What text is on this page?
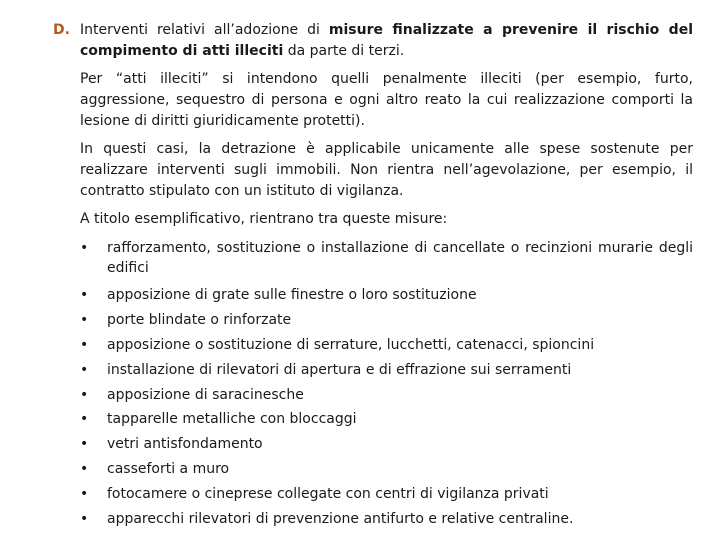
D. Interventi relativi all’adozione di misure finalizzate a prevenire il rischio del compimento di atti illeciti da parte di terzi.
Per “atti illeciti” si intendono quelli penalmente illeciti (per esempio, furto, aggressione, sequestro di persona e ogni altro reato la cui realizzazione comporti la lesione di diritti giuridicamente protetti).
In questi casi, la detrazione è applicabile unicamente alle spese sostenute per realizzare interventi sugli immobili. Non rientra nell’agevolazione, per esempio, il contratto stipulato con un istituto di vigilanza.
A titolo esemplificativo, rientrano tra queste misure:
• rafforzamento, sostituzione o installazione di cancellate o recinzioni murarie degli edifici
• apposizione di grate sulle finestre o loro sostituzione
• porte blindate o rinforzate
• apposizione o sostituzione di serrature, lucchetti, catenacci, spioncini
• installazione di rilevatori di apertura e di effrazione sui serramenti
• apposizione di saracinesche
• tapparelle metalliche con bloccaggi
• vetri antisfondamento
• casseforti a muro
• fotocamere o cineprese collegate con centri di vigilanza privati
• apparecchi rilevatori di prevenzione antifurto e relative centraline.
